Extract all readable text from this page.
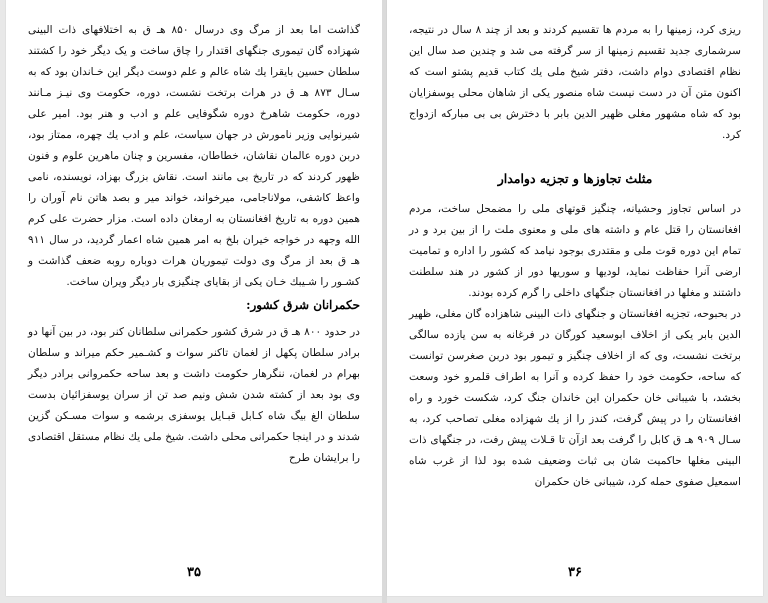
گذاشت اما بعد از مرگ وی درسال ۸۵۰ هـ ق به اختلافهای ذات البینی شهزاده گان تیموری جنگهای اقتدار را چاق ساخت و یک دیگر خود را کشتند سلطان حسین بایقرا یك شاه عالم و علم دوست دیگر این خـاندان بود که به سـال ۸۷۳ هـ ق در هرات برتخت نشست، دوره، حکومت وی نیـز مـانند دوره، حکومت شاهرخ دوره شگوفایی علم و ادب و هنر بود. امیر علی شیرنوایی وزیر نامورش در جهان سیاست، علم و ادب یك چهره، ممتاز بود، دربن دوره عالمان نقاشان، خطاطان، مفسرین و چنان ماهرین علوم و فنون ظهور کردند که در تاریخ بی مانند است. نقاش بزرگ بهزاد، نویسنده، نامی واعظ کاشفی، مولاناجامی، میرخواند، خواند میر و بصد هاتن نام آوران را همین دوره به تاریخ افغانستان به ارمغان داده است. مزار حضرت علی کرم الله وجهه در خواجه خیران بلخ به امر همین شاه اعمار گردید، در سال ۹۱۱ هـ ق بعد از مرگ وی دولت تیموریان هرات دوباره روبه ضعف گذاشت و کشـور را شـیبك خـان یکی از بقایای چنگیزی بار دیگر ویران ساخت.

حکمرانان شرق کشور:

در حدود ۸۰۰ هـ ق در شرق کشور حکمرانی سلطانان کنر بود، در بین آنها دو برادر سلطان پکهل از لغمان تاکنر سوات و کشـمیر حکم میراند و سلطان بهرام در لغمان، ننگرهار حکومت داشت و بعد ساحه حکمروانی برادر دیگر وی بود بعد از کشته شدن شش ونیم صد تن از سران یوسفزائیان بدست سلطان الغ بیگ شاه کـابل قبـایل یوسفزی برشمه و سوات مسـکن گزین شدند و در اینجا حکمرانی محلی داشت. شیخ ملی یك نظام مستقل اقتصادی را برایشان طرح

۳۵

ریزی کرد، زمینها را به مردم ها تقسیم کردند و بعد از چند ۸ سال در نتیجه، سرشماری جدید تقسیم زمینها از سر گرفته می شد و چندین صد سال این نظام اقتصادی دوام داشت، دفتر شیخ ملی یك کتاب قدیم پشتو است که اکنون متن آن در دست نیست شاه منصور یکی از شاهان محلی یوسفزایان بود که شاه مشهور مغلی ظهیر الدین بابر با دخترش بی بی مبارکه ازدواج کرد.

مثلث تجاوزها و تجزیه دوامدار

در اساس تجاوز وحشیانه، چنگیز قوتهای ملی را مضمحل ساخت، مردم افغانستان را قتل عام و داشته های ملی و معنوی ملت را از بین برد و در تمام این دوره قوت ملی و مقتدری بوجود نیامد که کشور را اداره و تمامیت ارضی آنرا حفاظت نماید، لودیها و سوریها دور از کشور در هند سلطنت داشتند و مغلها در افغانستان جنگهای داخلی را گرم کرده بودند.

در بحبوحه، تجزیه افغانستان و جنگهای ذات البینی شاهزاده گان مغلی، ظهیر الدین بابر یکی از اخلاف ابوسعید کورگان در فرغانه به سن یازده سالگی برتخت نشست، وی که از اخلاف چنگیز و تیمور بود دربن صغرسن توانست که ساحه، حکومت خود را حفظ کرده و آنرا به اطراف قلمرو خود وسعت بخشد، با شیبانی خان حکمران این خاندان جنگ کرد، شکست خورد و راه افغانستان را در پیش گرفت، کندز را از یك شهزاده مغلی تصاحب کرد، به سـال ۹۰۹ هـ ق کابل را گرفت بعد ازآن تا قـلات پیش رفت، در جنگهای ذات البینی مغلها حاکمیت شان بی ثبات وضعیف شده بود لذا از غرب شاه اسمعیل صفوی حمله کرد، شیبانی خان حکمران

۳۶
